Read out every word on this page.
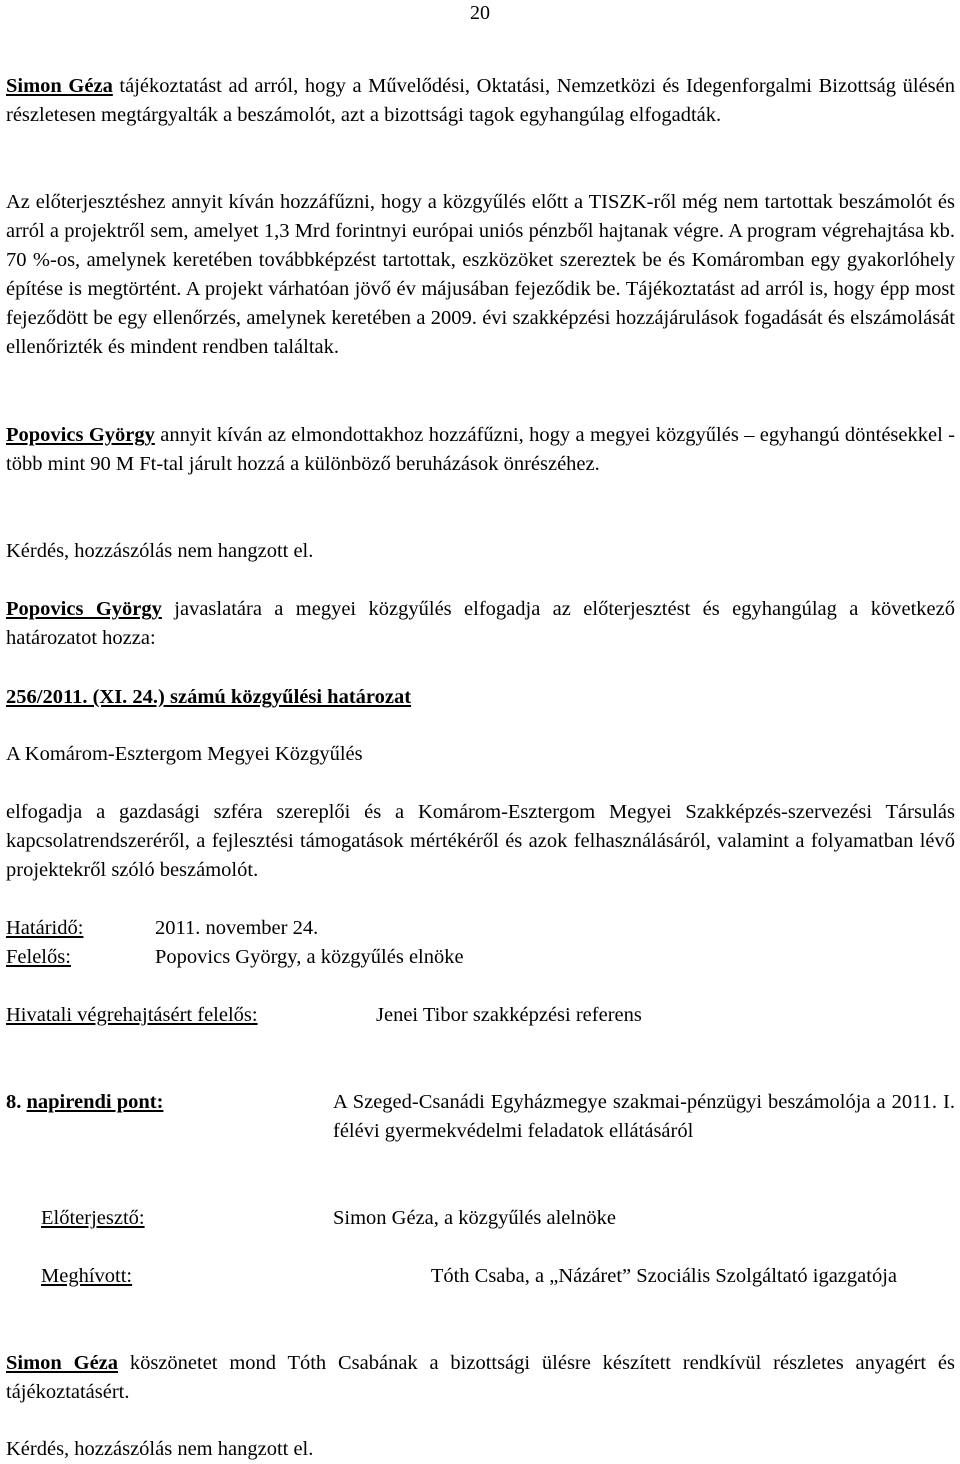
20

Simon Géza tájékoztatást ad arról, hogy a Művelődési, Oktatási, Nemzetközi és Idegenforgalmi Bizottság ülésén részletesen megtárgyalták a beszámolót, azt a bizottsági tagok egyhangúlag elfogadták.

Az előterjesztéshez annyit kíván hozzáfűzni, hogy a közgyűlés előtt a TISZK-ről még nem tartottak beszámolót és arról a projektről sem, amelyet 1,3 Mrd forintnyi európai uniós pénzből hajtanak végre. A program végrehajtása kb. 70 %-os, amelynek keretében továbbképzést tartottak, eszközöket szereztek be és Komáromban egy gyakorlóhely építése is megtörtént. A projekt várhatóan jövő év májusában fejeződik be. Tájékoztatást ad arról is, hogy épp most fejeződött be egy ellenőrzés, amelynek keretében a 2009. évi szakképzési hozzájárulások fogadását és elszámolását ellenőrizték és mindent rendben találtak.

Popovics György annyit kíván az elmondottakhoz hozzáfűzni, hogy a megyei közgyűlés – egyhangú döntésekkel - több mint 90 M Ft-tal járult hozzá a különböző beruházások önrészéhez.

Kérdés, hozzászólás nem hangzott el.

Popovics György javaslatára a megyei közgyűlés elfogadja az előterjesztést és egyhangúlag a következő határozatot hozza:

256/2011. (XI. 24.) számú közgyűlési határozat

A Komárom-Esztergom Megyei Közgyűlés

elfogadja a gazdasági szféra szereplői és a Komárom-Esztergom Megyei Szakképzés-szervezési Társulás kapcsolatrendszeréről, a fejlesztési támogatások mértékéről és azok felhasználásáról, valamint a folyamatban lévő projektekről szóló beszámolót.

Határidő:	2011. november 24.
Felelős:	Popovics György, a közgyűlés elnöke
Hivatali végrehajtásért felelős:	Jenei Tibor szakképzési referens
8. napirendi pont:	A Szeged-Csanádi Egyházmegye szakmai-pénzügyi beszámolója a 2011. I. félévi gyermekvédelmi feladatok ellátásáról
Előterjesztő:	Simon Géza, a közgyűlés alelnöke
Meghívott:	Tóth Csaba, a „Názáret” Szociális Szolgáltató igazgatója

Simon Géza köszönetet mond Tóth Csabának a bizottsági ülésre készített rendkívül részletes anyagért és tájékoztatásért.

Kérdés, hozzászólás nem hangzott el.
